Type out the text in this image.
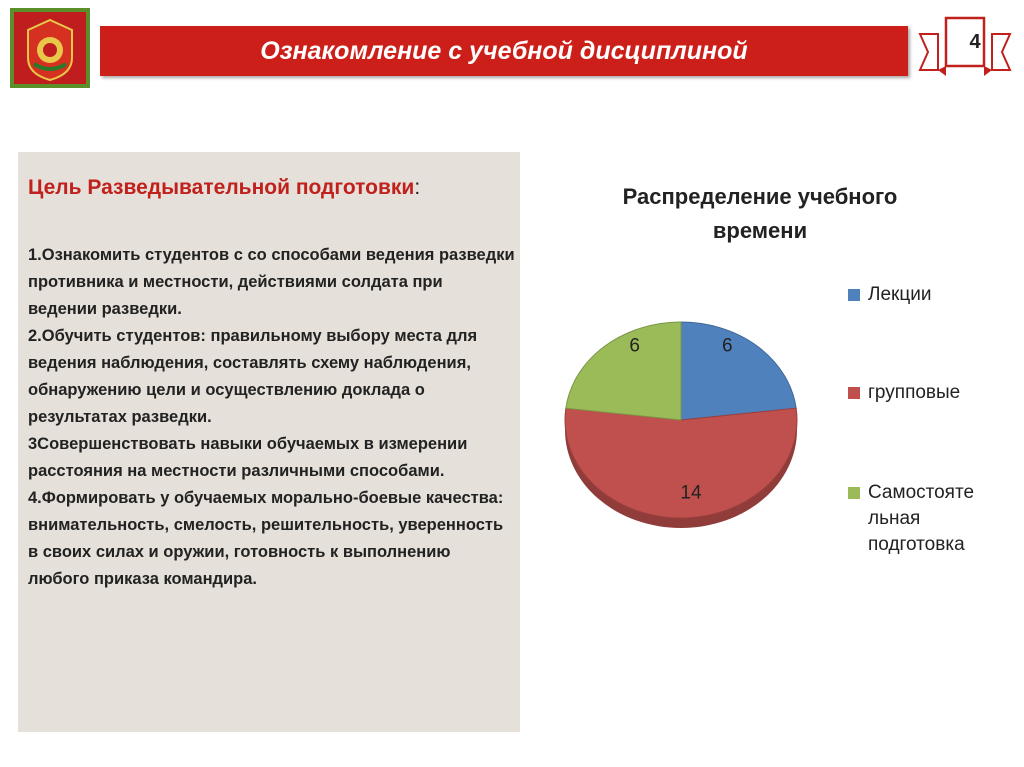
Ознакомление с учебной дисциплиной	4
Цель Разведывательной подготовки:
1.Ознакомить студентов с со способами ведения разведки противника и местности, действиями солдата при ведении разведки.
2.Обучить студентов: правильному выбору места для ведения наблюдения, составлять схему наблюдения, обнаружению цели и осуществлению доклада о результатах разведки.
3Совершенствовать навыки обучаемых в измерении расстояния на местности различными способами.
4.Формировать у обучаемых морально-боевые качества: внимательность, смелость, решительность, уверенность в своих силах и оружии, готовность к выполнению любого приказа командира.
Распределение учебного времени
6
14
6
Лекции
групповые
Самостояте
льная
подготовка
